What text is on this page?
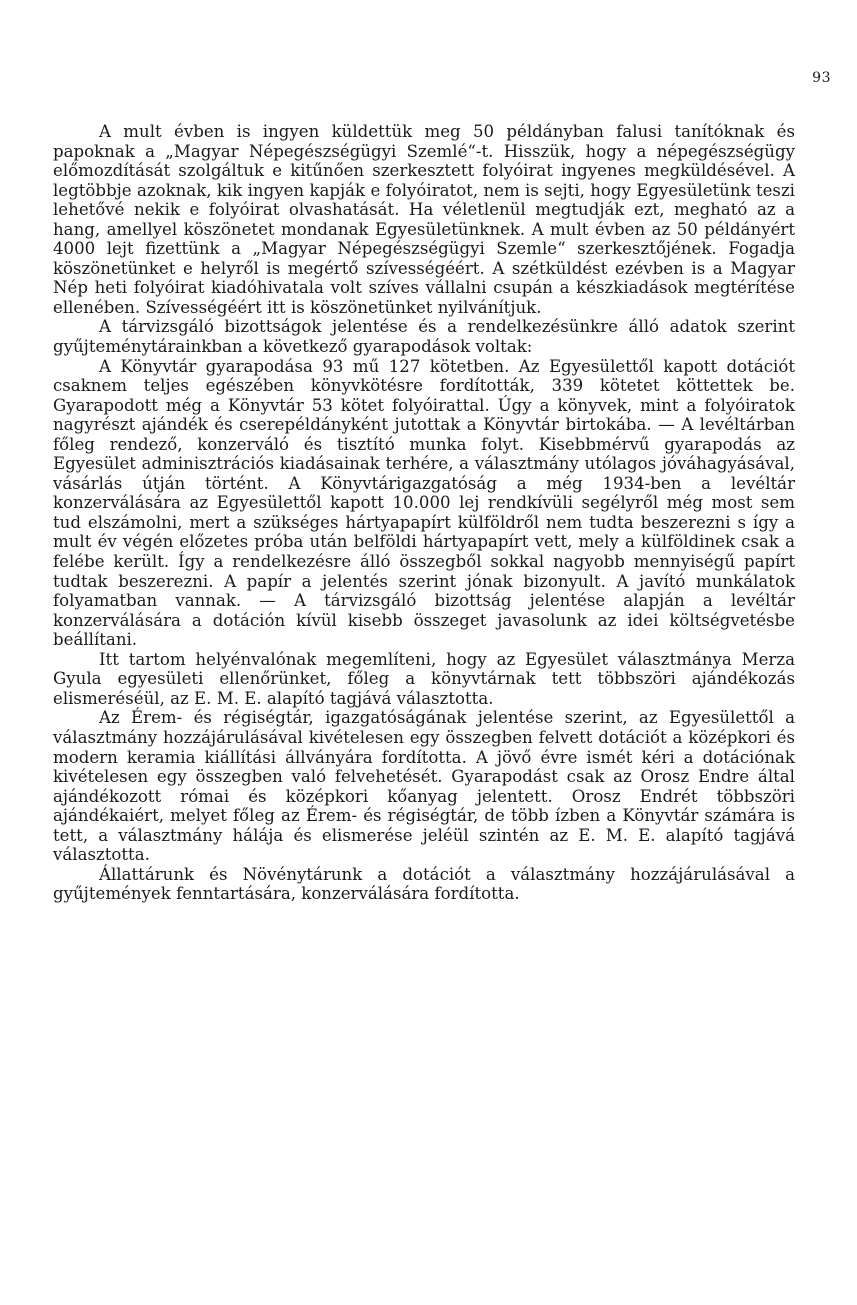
93

A mult évben is ingyen küldettük meg 50 példányban falusi tanítóknak és papoknak a „Magyar Népegészségügyi Szemlé“-t. Hisszük, hogy a népegészségügy előmozdítását szolgáltuk e kitűnően szerkesztett folyóirat ingyenes megküldésével. A legtöbbje azoknak, kik ingyen kapják e folyóiratot, nem is sejti, hogy Egyesületünk teszi lehetővé nekik e folyóirat olvashatását. Ha véletlenül megtudják ezt, megható az a hang, amellyel köszönetet mondanak Egyesületünknek. A mult évben az 50 példányért 4000 lejt fizettünk a „Magyar Népegészségügyi Szemle“ szerkesztőjének. Fogadja köszönetünket e helyről is megértő szívességéért. A szétküldést ezévben is a Magyar Nép heti folyóirat kiadóhivatala volt szíves vállalni csupán a készkiadások megtérítése ellenében. Szívességéért itt is köszönetünket nyilvánítjuk.

A tárvizsgáló bizottságok jelentése és a rendelkezésünkre álló adatok szerint gyűjteménytárainkban a következő gyarapodások voltak:

A Könyvtár gyarapodása 93 mű 127 kötetben. Az Egyesülettől kapott dotációt csaknem teljes egészében könyvkötésre fordították, 339 kötetet köttettek be. Gyarapodott még a Könyvtár 53 kötet folyóirattal. Úgy a könyvek, mint a folyóiratok nagyrészt ajándék és cserepéldányként jutottak a Könyvtár birtokába. — A levéltárban főleg rendező, konzerváló és tisztító munka folyt. Kisebbmérvű gyarapodás az Egyesület adminisztrációs kiadásainak terhére, a választmány utólagos jóváhagyásával, vásárlás útján történt. A Könyvtárigazgatóság a még 1934-ben a levéltár konzerválására az Egyesülettől kapott 10.000 lej rendkívüli segélyről még most sem tud elszámolni, mert a szükséges hártyapapírt külföldről nem tudta beszerezni s így a mult év végén előzetes próba után belföldi hártyapapírt vett, mely a külföldinek csak a felébe került. Így a rendelkezésre álló összegből sokkal nagyobb mennyiségű papírt tudtak beszerezni. A papír a jelentés szerint jónak bizonyult. A javító munkálatok folyamatban vannak. — A tárvizsgáló bizottság jelentése alapján a levéltár konzerválására a dotáción kívül kisebb összeget javasolunk az idei költségvetésbe beállítani.

Itt tartom helyénvalónak megemlíteni, hogy az Egyesület választmánya Merza Gyula egyesületi ellenőrünket, főleg a könyvtárnak tett többszöri ajándékozás elismeréséül, az E. M. E. alapító tagjává választotta.

Az Érem- és régiségtár, igazgatóságának jelentése szerint, az Egyesülettől a választmány hozzájárulásával kivételesen egy összegben felvett dotációt a középkori és modern keramia kiállítási állványára fordította. A jövő évre ismét kéri a dotációnak kivételesen egy összegben való felvehetését. Gyarapodást csak az Orosz Endre által ajándékozott római és középkori kőanyag jelentett. Orosz Endrét többszöri ajándékaiért, melyet főleg az Érem- és régiségtár, de több ízben a Könyvtár számára is tett, a választmány hálája és elismerése jeléül szintén az E. M. E. alapító tagjává választotta.

Állattárunk és Növénytárunk a dotációt a választmány hozzájárulásával a gyűjtemények fenntartására, konzerválására fordította.
